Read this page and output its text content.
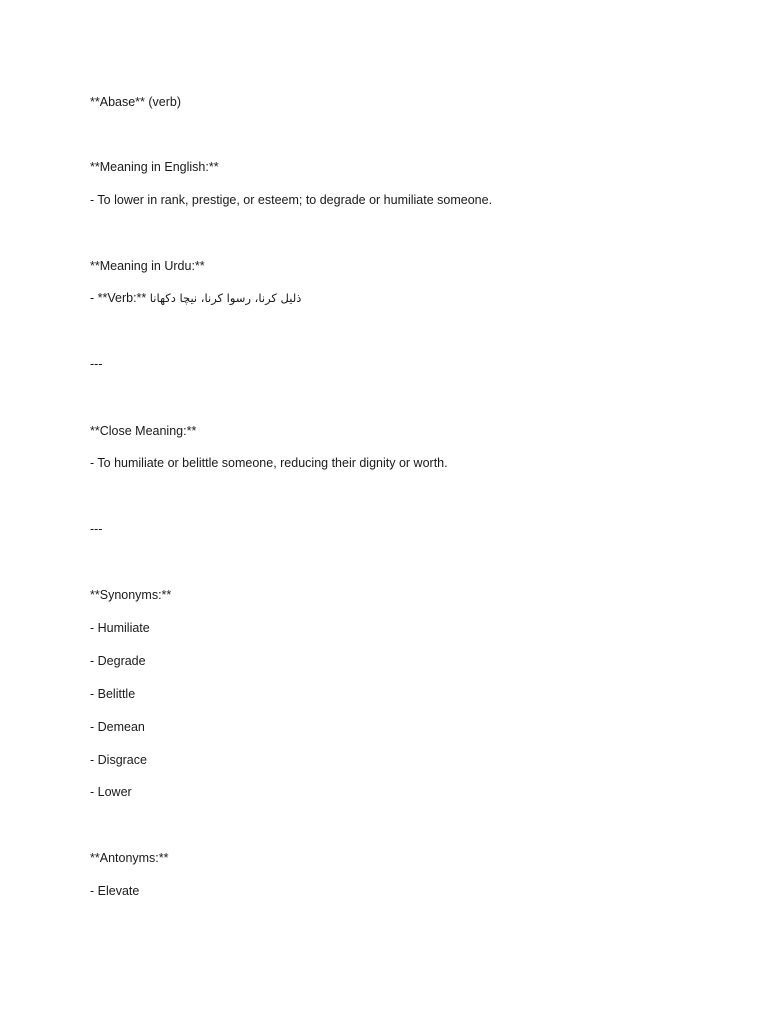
**Abase** (verb)
**Meaning in English:**
- To lower in rank, prestige, or esteem; to degrade or humiliate someone.
**Meaning in Urdu:**
- **Verb:** ذلیل کرنا، رسوا کرنا، نیچا دکھانا
---
**Close Meaning:**
- To humiliate or belittle someone, reducing their dignity or worth.
---
**Synonyms:**
- Humiliate
- Degrade
- Belittle
- Demean
- Disgrace
- Lower
**Antonyms:**
- Elevate
